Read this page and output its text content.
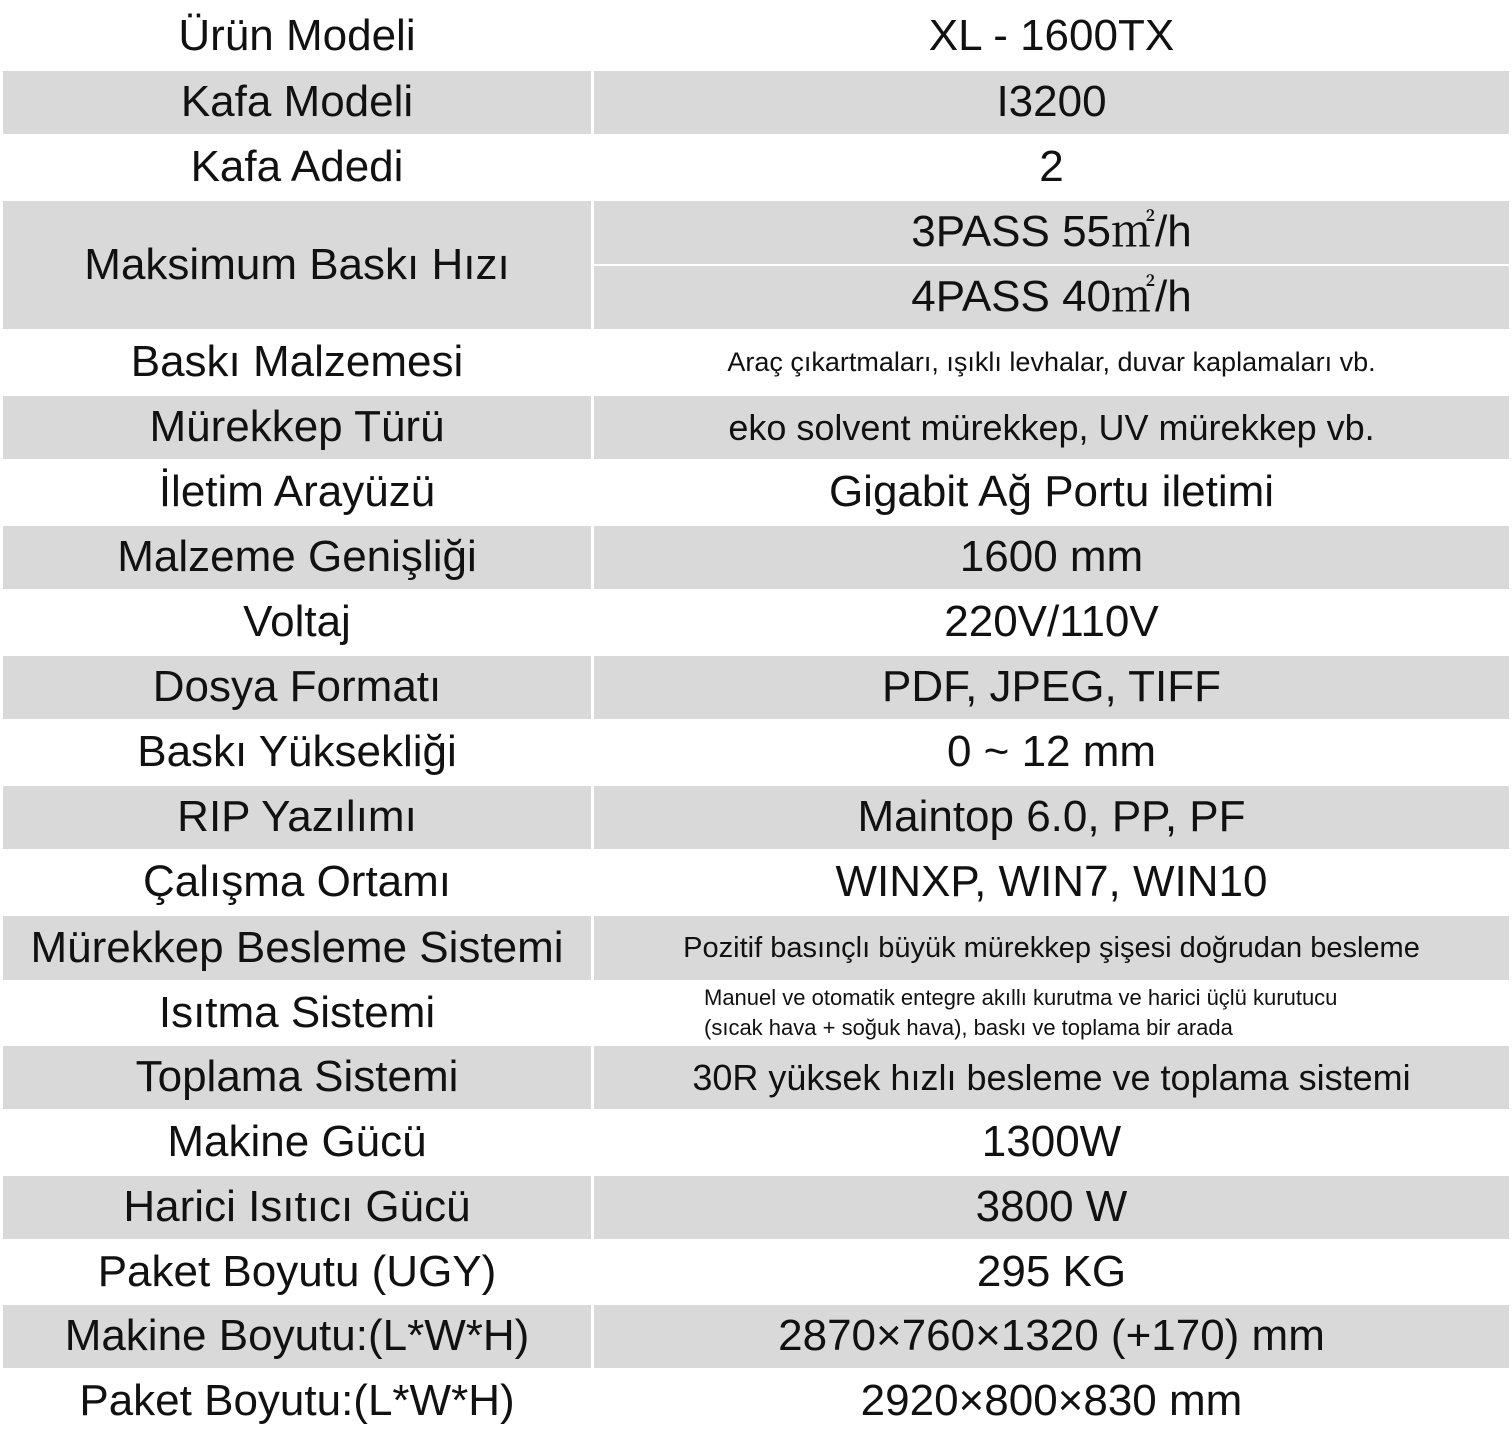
Ürün Modeli	XL - 1600TX
Kafa Modeli	I3200
Kafa Adedi	2
Maksimum Baskı Hızı	3PASS 55㎡/h
	4PASS 40㎡/h
Baskı Malzemesi	Araç çıkartmaları, ışıklı levhalar, duvar kaplamaları vb.
Mürekkep Türü	eko solvent mürekkep, UV mürekkep vb.
İletim Arayüzü	Gigabit Ağ Portu iletimi
Malzeme Genişliği	1600 mm
Voltaj	220V/110V
Dosya Formatı	PDF, JPEG, TIFF
Baskı Yüksekliği	0 ~ 12 mm
RIP Yazılımı	Maintop 6.0, PP, PF
Çalışma Ortamı	WINXP, WIN7, WIN10
Mürekkep Besleme Sistemi	Pozitif basınçlı büyük mürekkep şişesi doğrudan besleme
Isıtma Sistemi	Manuel ve otomatik entegre akıllı kurutma ve harici üçlü kurutucu
(sıcak hava + soğuk hava), baskı ve toplama bir arada

Toplama Sistemi	30R yüksek hızlı besleme ve toplama sistemi
Makine Gücü	1300W
Harici Isıtıcı Gücü	3800 W
Paket Boyutu (UGY)	295 KG
Makine Boyutu:(L*W*H)	2870×760×1320 (+170) mm
Paket Boyutu:(L*W*H)	2920×800×830 mm
